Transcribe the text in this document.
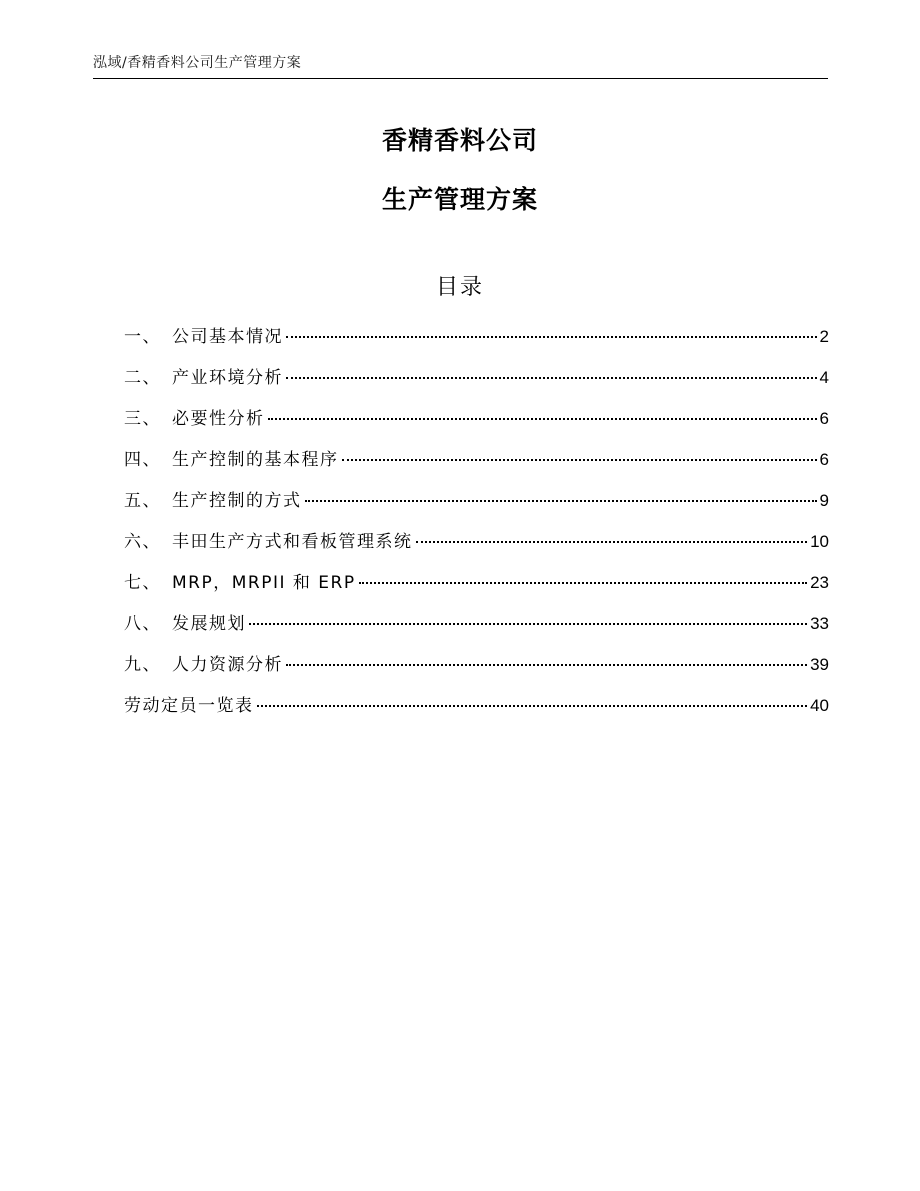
泓域/香精香料公司生产管理方案
香精香料公司
生产管理方案
目录
一、 公司基本情况	2
二、 产业环境分析	4
三、 必要性分析	6
四、 生产控制的基本程序	6
五、 生产控制的方式	9
六、 丰田生产方式和看板管理系统	10
七、 MRP，MRPII 和 ERP	23
八、 发展规划	33
九、 人力资源分析	39
劳动定员一览表	40
